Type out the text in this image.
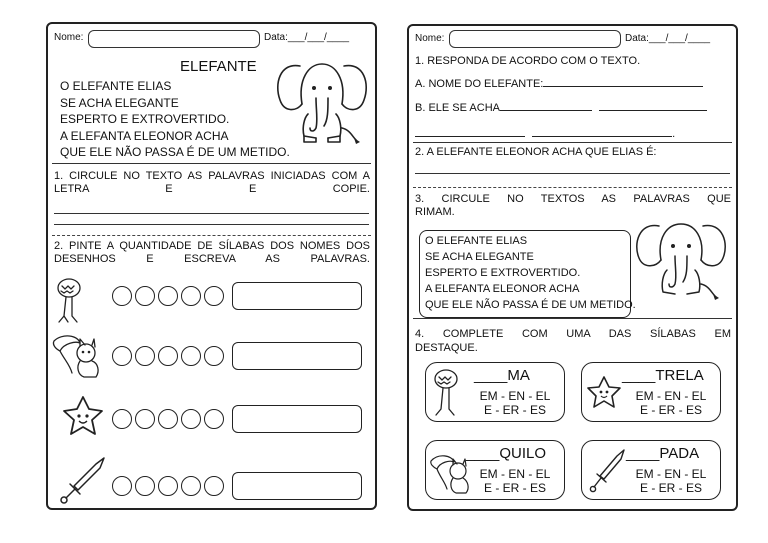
Nome:	Data:___/___/____
ELEFANTE
O ELEFANTE ELIAS
SE ACHA ELEGANTE
ESPERTO E EXTROVERTIDO.
A ELEFANTA ELEONOR ACHA
QUE ELE NÃO PASSA É DE UM METIDO.
1. CIRCULE NO TEXTO AS PALAVRAS INICIADAS COM A LETRA E E COPIE.
2. PINTE A QUANTIDADE DE SÍLABAS DOS NOMES DOS DESENHOS E ESCREVA AS PALAVRAS.
Nome:	Data:___/___/____
1. RESPONDA DE ACORDO COM O TEXTO.
A. NOME DO ELEFANTE:
B. ELE SE ACHA
.
2. A ELEFANTE ELEONOR ACHA QUE ELIAS É:
3. CIRCULE NO TEXTOS AS PALAVRAS QUE
RIMAM.
O ELEFANTE ELIAS
SE ACHA ELEGANTE
ESPERTO E EXTROVERTIDO.
A ELEFANTA ELEONOR ACHA
QUE ELE NÃO PASSA É DE UM METIDO.
4. COMPLETE COM UMA DAS SÍLABAS EM
DESTAQUE.
____MA
EM - EN - EL
E - ER - ES
____TRELA
EM - EN - EL
E - ER - ES
____QUILO
EM - EN - EL
E - ER - ES
____PADA
EM - EN - EL
E - ER - ES
